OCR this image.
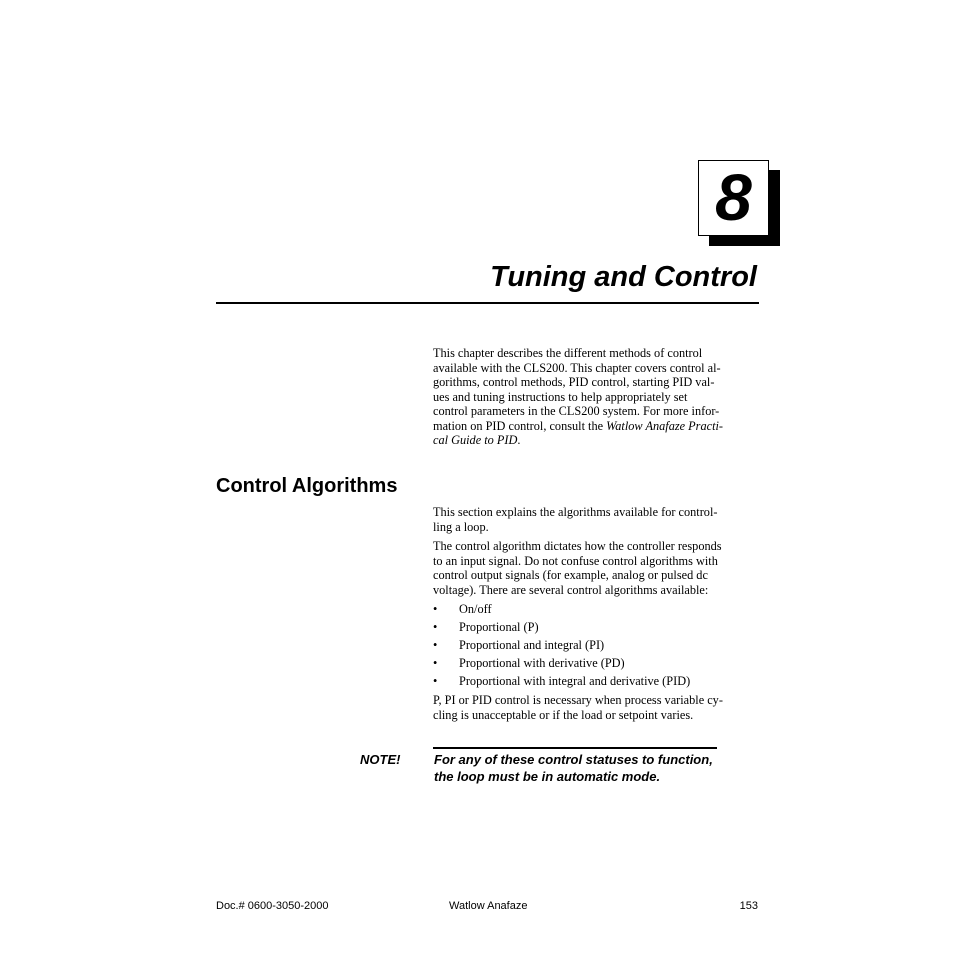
8
Tuning and Control

This chapter describes the different methods of control
available with the CLS200. This chapter covers control al-
gorithms, control methods, PID control, starting PID val-
ues and tuning instructions to help appropriately set
control parameters in the CLS200 system. For more infor-
mation on PID control, consult the Watlow Anafaze Practi-
cal Guide to PID.

Control Algorithms

This section explains the algorithms available for control-
ling a loop.

The control algorithm dictates how the controller responds
to an input signal. Do not confuse control algorithms with
control output signals (for example, analog or pulsed dc
voltage). There are several control algorithms available:

• On/off
• Proportional (P)
• Proportional and integral (PI)
• Proportional with derivative (PD)
• Proportional with integral and derivative (PID)

P, PI or PID control is necessary when process variable cy-
cling is unacceptable or if the load or setpoint varies.

NOTE!	For any of these control statuses to function,
the loop must be in automatic mode.

Doc.# 0600-3050-2000	Watlow Anafaze	153
